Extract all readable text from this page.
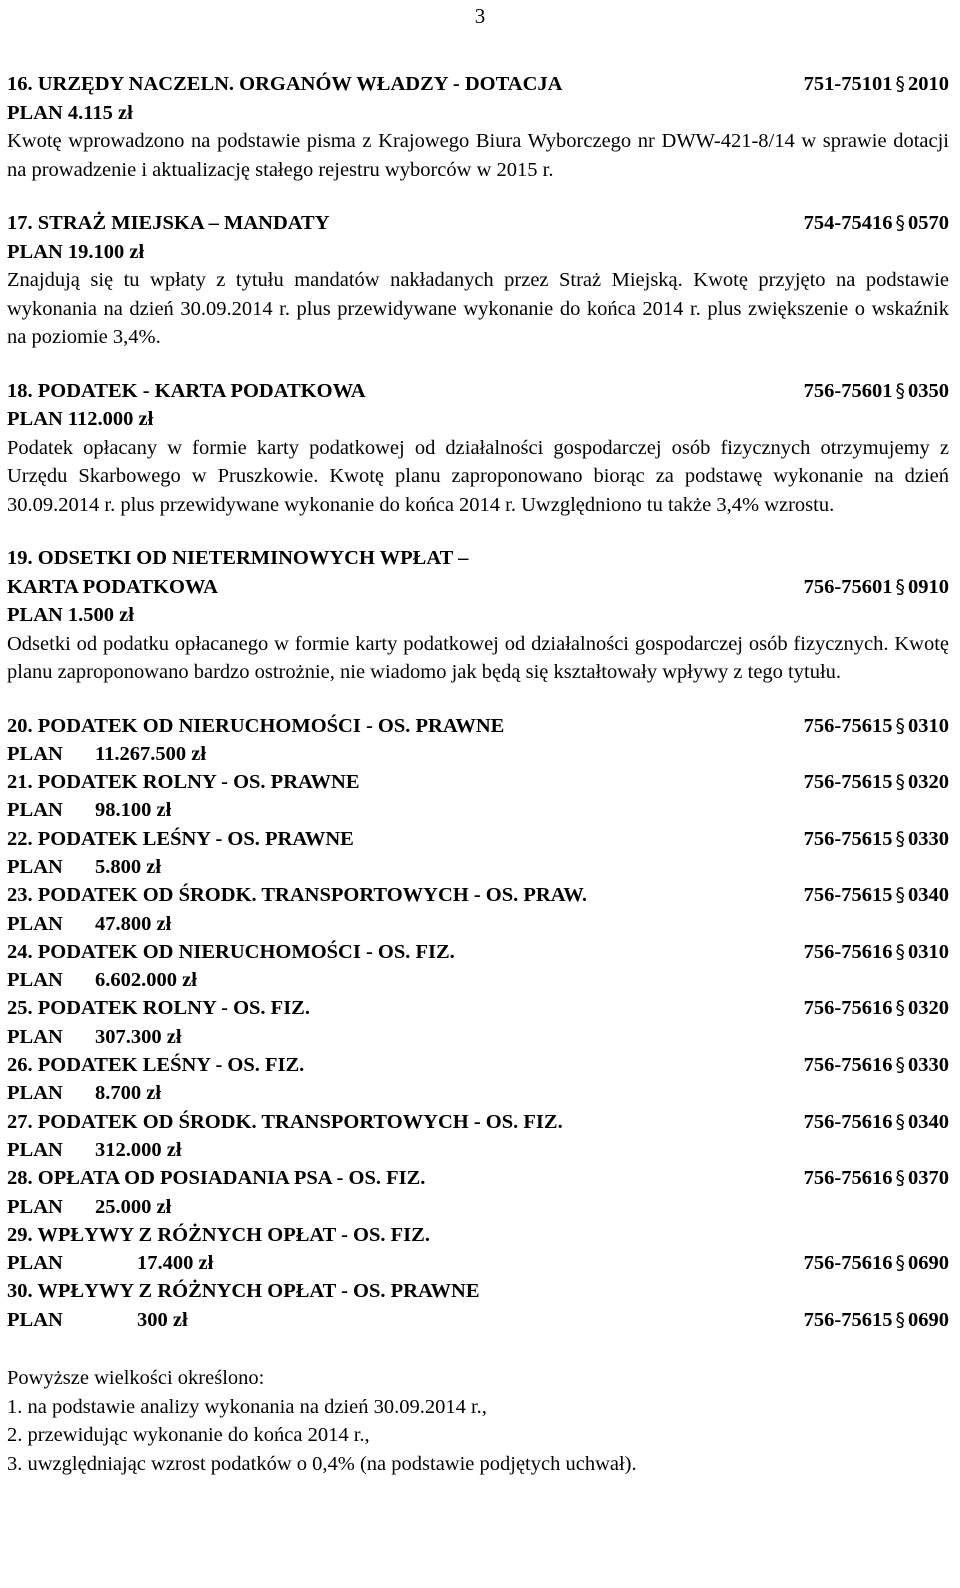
3
16. URZĘDY NACZELN. ORGANÓW WŁADZY - DOTACJA	751-75101 § 2010
PLAN 4.115 zł
Kwotę wprowadzono na podstawie pisma z Krajowego Biura Wyborczego nr DWW-421-8/14 w sprawie dotacji na prowadzenie i aktualizację stałego rejestru wyborców w 2015 r.
17. STRAŻ MIEJSKA – MANDATY	754-75416 § 0570
PLAN 19.100 zł
Znajdują się tu wpłaty z tytułu mandatów nakładanych przez Straż Miejską. Kwotę przyjęto na podstawie wykonania na dzień 30.09.2014 r. plus przewidywane wykonanie do końca 2014 r. plus zwiększenie o wskaźnik na poziomie 3,4%.
18. PODATEK - KARTA PODATKOWA	756-75601 § 0350
PLAN 112.000 zł
Podatek opłacany w formie karty podatkowej od działalności gospodarczej osób fizycznych otrzymujemy z Urzędu Skarbowego w Pruszkowie. Kwotę planu zaproponowano biorąc za podstawę wykonanie na dzień 30.09.2014 r. plus przewidywane wykonanie do końca 2014 r. Uwzględniono tu także 3,4% wzrostu.
19. ODSETKI OD NIETERMINOWYCH WPŁAT –
KARTA PODATKOWA	756-75601 § 0910
PLAN 1.500 zł
Odsetki od podatku opłacanego w formie karty podatkowej od działalności gospodarczej osób fizycznych. Kwotę planu zaproponowano bardzo ostrożnie, nie wiadomo jak będą się kształtowały wpływy z tego tytułu.
20. PODATEK OD NIERUCHOMOŚCI - OS. PRAWNE	756-75615 § 0310
PLAN 11.267.500 zł
21. PODATEK ROLNY - OS. PRAWNE	756-75615 § 0320
PLAN 98.100 zł
22. PODATEK LEŚNY - OS. PRAWNE	756-75615 § 0330
PLAN 5.800 zł
23. PODATEK OD ŚRODK. TRANSPORTOWYCH - OS. PRAW.	756-75615 § 0340
PLAN 47.800 zł
24. PODATEK OD NIERUCHOMOŚCI - OS. FIZ.	756-75616 § 0310
PLAN 6.602.000 zł
25. PODATEK ROLNY - OS. FIZ.	756-75616 § 0320
PLAN 307.300 zł
26. PODATEK LEŚNY - OS. FIZ.	756-75616 § 0330
PLAN 8.700 zł
27. PODATEK OD ŚRODK. TRANSPORTOWYCH - OS. FIZ.	756-75616 § 0340
PLAN 312.000 zł
28. OPŁATA OD POSIADANIA PSA - OS. FIZ.	756-75616 § 0370
PLAN 25.000 zł
29. WPŁYWY Z RÓŻNYCH OPŁAT - OS. FIZ.
PLAN	17.400 zł	756-75616 § 0690
30. WPŁYWY Z RÓŻNYCH OPŁAT - OS. PRAWNE
PLAN	300 zł	756-75615 § 0690
Powyższe wielkości określono:
1. na podstawie analizy wykonania na dzień 30.09.2014 r.,
2. przewidując wykonanie do końca 2014 r.,
3. uwzględniając wzrost podatków o 0,4% (na podstawie podjętych uchwał).
